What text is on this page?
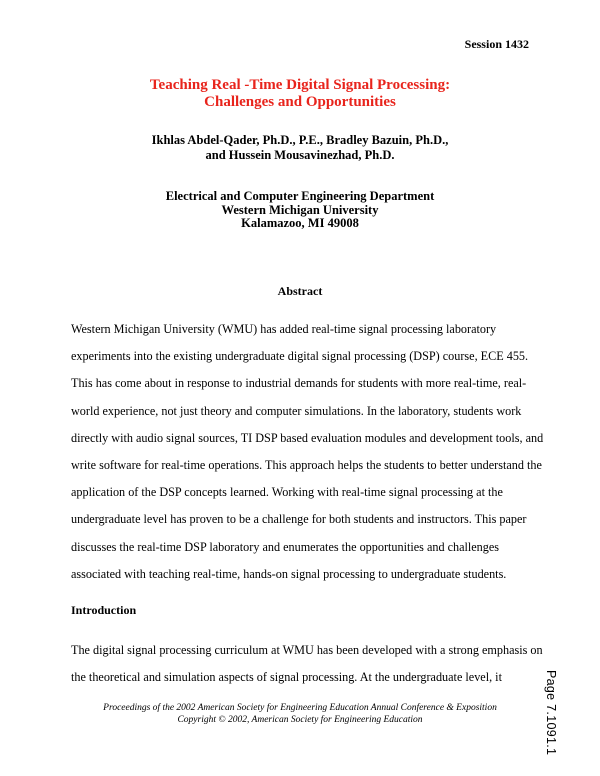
Session 1432
Teaching Real -Time Digital Signal Processing:
Challenges and Opportunities
Ikhlas Abdel-Qader, Ph.D., P.E., Bradley Bazuin, Ph.D.,
and Hussein Mousavinezhad, Ph.D.
Electrical and Computer Engineering Department
Western Michigan University
Kalamazoo, MI 49008
Abstract
Western Michigan University (WMU) has added real-time signal processing laboratory
experiments into the existing undergraduate digital signal processing (DSP) course, ECE 455.
This has come about in response to industrial demands for students with more real-time, real-
world experience, not just theory and computer simulations. In the laboratory, students work
directly with audio signal sources, TI DSP based evaluation modules and development tools, and
write software for real-time operations. This approach helps the students to better understand the
application of the DSP concepts learned. Working with real-time signal processing at the
undergraduate level has proven to be a challenge for both students and instructors. This paper
discusses the real-time DSP laboratory and enumerates the opportunities and challenges
associated with teaching real-time, hands-on signal processing to undergraduate students.
Introduction
The digital signal processing curriculum at WMU has been developed with a strong emphasis on
the theoretical and simulation aspects of signal processing. At the undergraduate level, it
Proceedings of the 2002 American Society for Engineering Education Annual Conference & Exposition
Copyright © 2002, American Society for Engineering Education	Page 7.1091.1
